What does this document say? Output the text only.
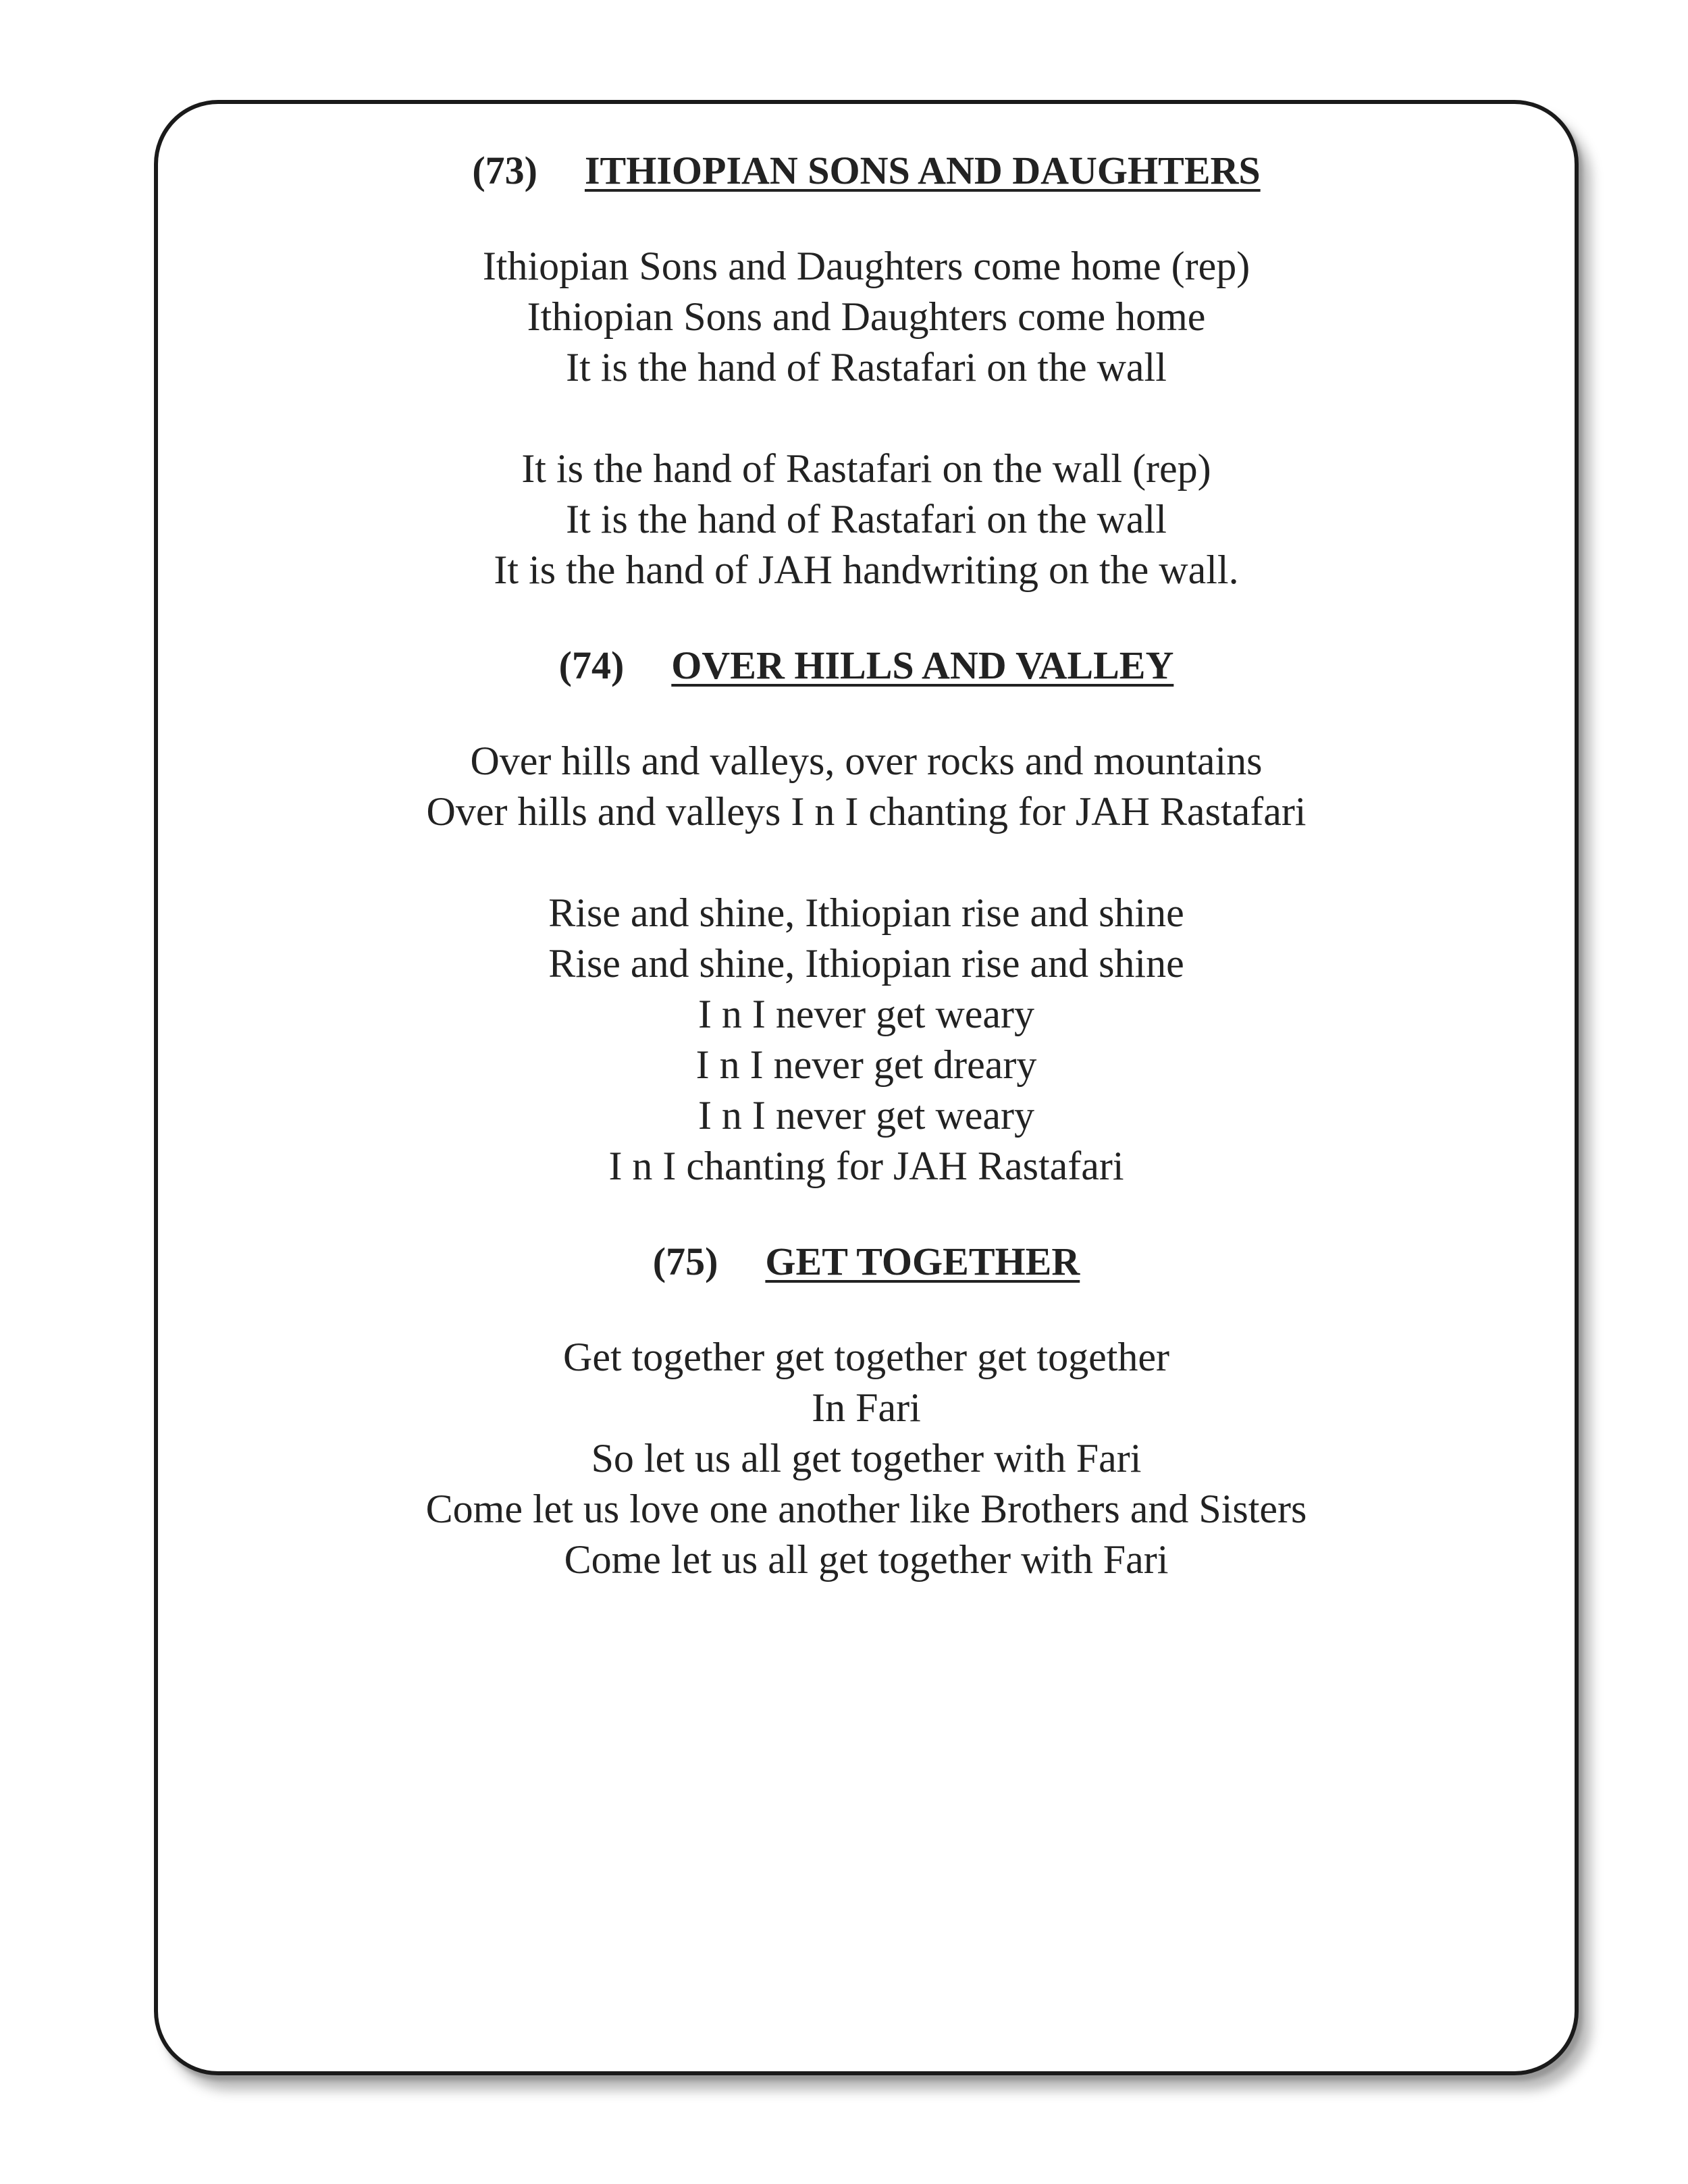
(73) ITHIOPIAN SONS AND DAUGHTERS

Ithiopian Sons and Daughters come home (rep)

Ithiopian Sons and Daughters come home

It is the hand of Rastafari on the wall

It is the hand of Rastafari on the wall (rep)

It is the hand of Rastafari on the wall

It is the hand of JAH handwriting on the wall.

(74) OVER HILLS AND VALLEY

Over hills and valleys, over rocks and mountains

Over hills and valleys I n I chanting for JAH Rastafari

Rise and shine, Ithiopian rise and shine

Rise and shine, Ithiopian rise and shine

I n I never get weary

I n I never get dreary

I n I never get weary

I n I chanting for JAH Rastafari

(75) GET TOGETHER

Get together get together get together

In Fari

So let us all get together with Fari

Come let us love one another like Brothers and Sisters

Come let us all get together with Fari
